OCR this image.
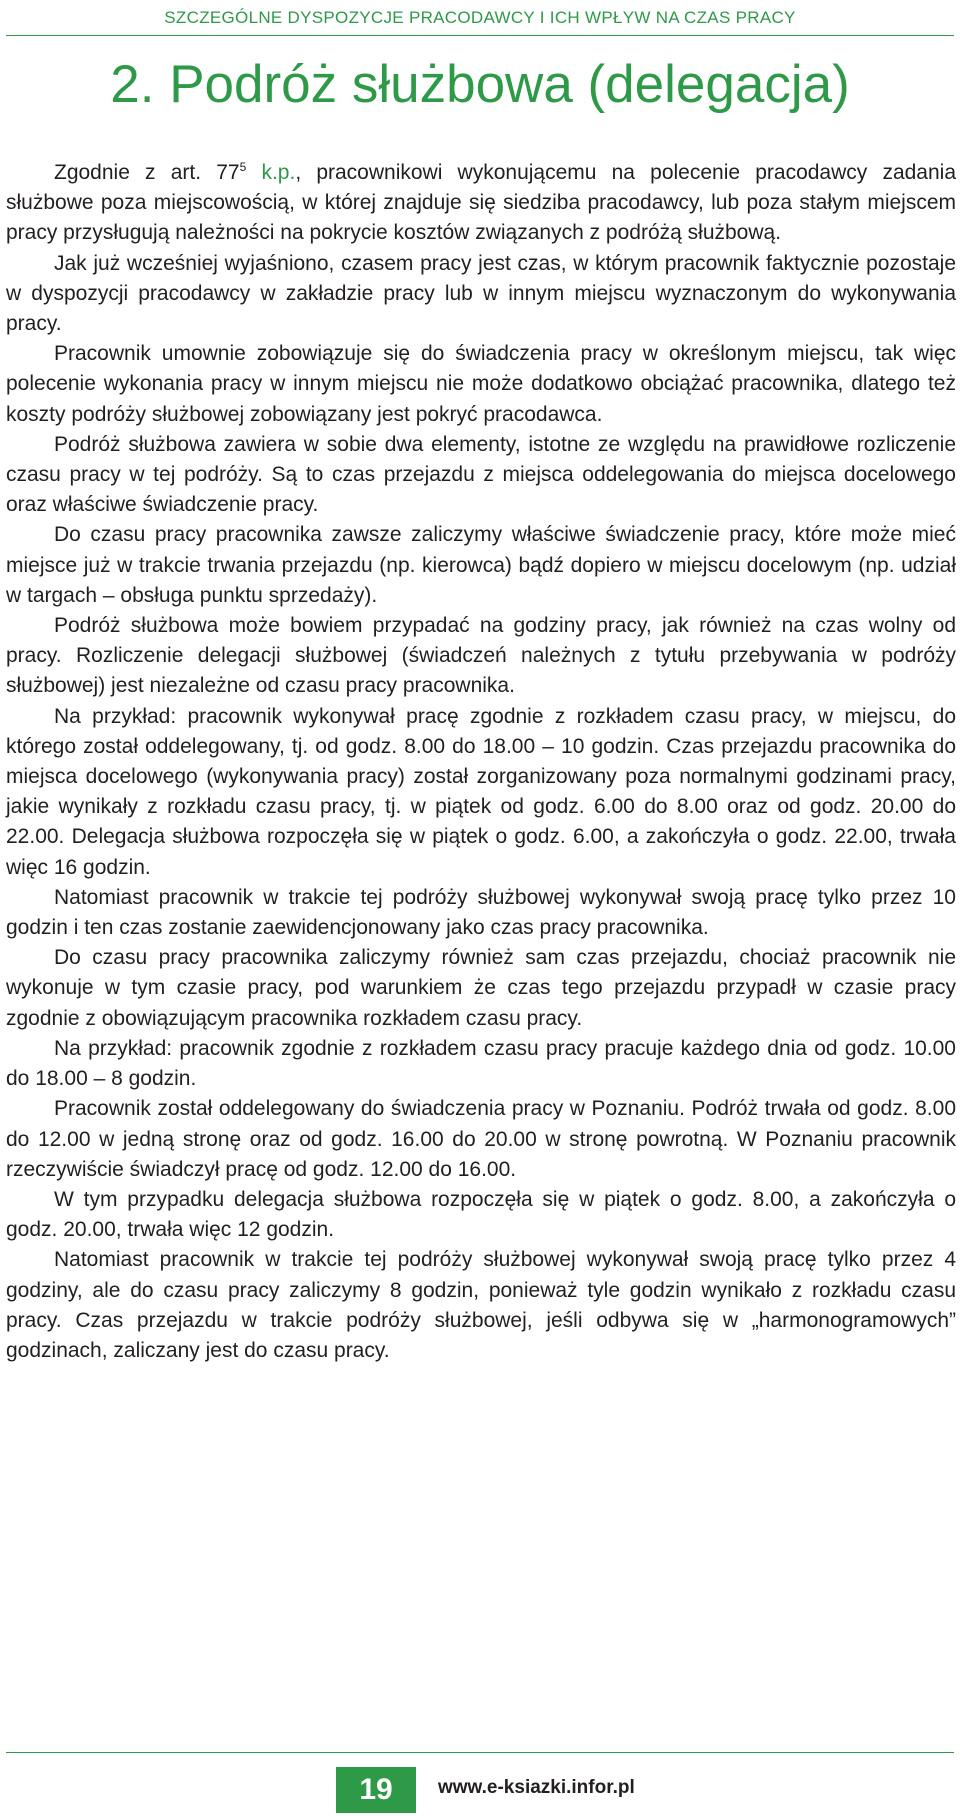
SZCZEGÓLNE DYSPOZYCJE PRACODAWCY I ICH WPŁYW NA CZAS PRACY
2. Podróż służbowa (delegacja)

Zgodnie z art. $77^5$ k.p., pracownikowi wykonującemu na polecenie pracodawcy zadania służbowe poza miejscowością, w której znajduje się siedziba pracodawcy, lub poza stałym miejscem pracy przysługują należności na pokrycie kosztów związanych z podróżą służbową.

Jak już wcześniej wyjaśniono, czasem pracy jest czas, w którym pracownik faktycznie pozostaje w dyspozycji pracodawcy w zakładzie pracy lub w innym miejscu wyznaczonym do wykonywania pracy.

Pracownik umownie zobowiązuje się do świadczenia pracy w określonym miejscu, tak więc polecenie wykonania pracy w innym miejscu nie może dodatkowo obciążać pracownika, dlatego też koszty podróży służbowej zobowiązany jest pokryć pracodawca.

Podróż służbowa zawiera w sobie dwa elementy, istotne ze względu na prawidłowe rozliczenie czasu pracy w tej podróży. Są to czas przejazdu z miejsca oddelegowania do miejsca docelowego oraz właściwe świadczenie pracy.

Do czasu pracy pracownika zawsze zaliczymy właściwe świadczenie pracy, które może mieć miejsce już w trakcie trwania przejazdu (np. kierowca) bądź dopiero w miejscu docelowym (np. udział w targach – obsługa punktu sprzedaży).

Podróż służbowa może bowiem przypadać na godziny pracy, jak również na czas wolny od pracy. Rozliczenie delegacji służbowej (świadczeń należnych z tytułu przebywania w podróży służbowej) jest niezależne od czasu pracy pracownika.

Na przykład: pracownik wykonywał pracę zgodnie z rozkładem czasu pracy, w miejscu, do którego został oddelegowany, tj. od godz. 8.00 do 18.00 – 10 godzin. Czas przejazdu pracownika do miejsca docelowego (wykonywania pracy) został zorganizowany poza normalnymi godzinami pracy, jakie wynikały z rozkładu czasu pracy, tj. w piątek od godz. 6.00 do 8.00 oraz od godz. 20.00 do 22.00. Delegacja służbowa rozpoczęła się w piątek o godz. 6.00, a zakończyła o godz. 22.00, trwała więc 16 godzin.

Natomiast pracownik w trakcie tej podróży służbowej wykonywał swoją pracę tylko przez 10 godzin i ten czas zostanie zaewidencjonowany jako czas pracy pracownika.

Do czasu pracy pracownika zaliczymy również sam czas przejazdu, chociaż pracownik nie wykonuje w tym czasie pracy, pod warunkiem że czas tego przejazdu przypadł w czasie pracy zgodnie z obowiązującym pracownika rozkładem czasu pracy.

Na przykład: pracownik zgodnie z rozkładem czasu pracy pracuje każdego dnia od godz. 10.00 do 18.00 – 8 godzin.

Pracownik został oddelegowany do świadczenia pracy w Poznaniu. Podróż trwała od godz. 8.00 do 12.00 w jedną stronę oraz od godz. 16.00 do 20.00 w stronę powrotną. W Poznaniu pracownik rzeczywiście świadczył pracę od godz. 12.00 do 16.00.

W tym przypadku delegacja służbowa rozpoczęła się w piątek o godz. 8.00, a zakończyła o godz. 20.00, trwała więc 12 godzin.

Natomiast pracownik w trakcie tej podróży służbowej wykonywał swoją pracę tylko przez 4 godziny, ale do czasu pracy zaliczymy 8 godzin, ponieważ tyle godzin wynikało z rozkładu czasu pracy. Czas przejazdu w trakcie podróży służbowej, jeśli odbywa się w „harmonogramowych” godzinach, zaliczany jest do czasu pracy.

19	www.e-ksiazki.infor.pl
